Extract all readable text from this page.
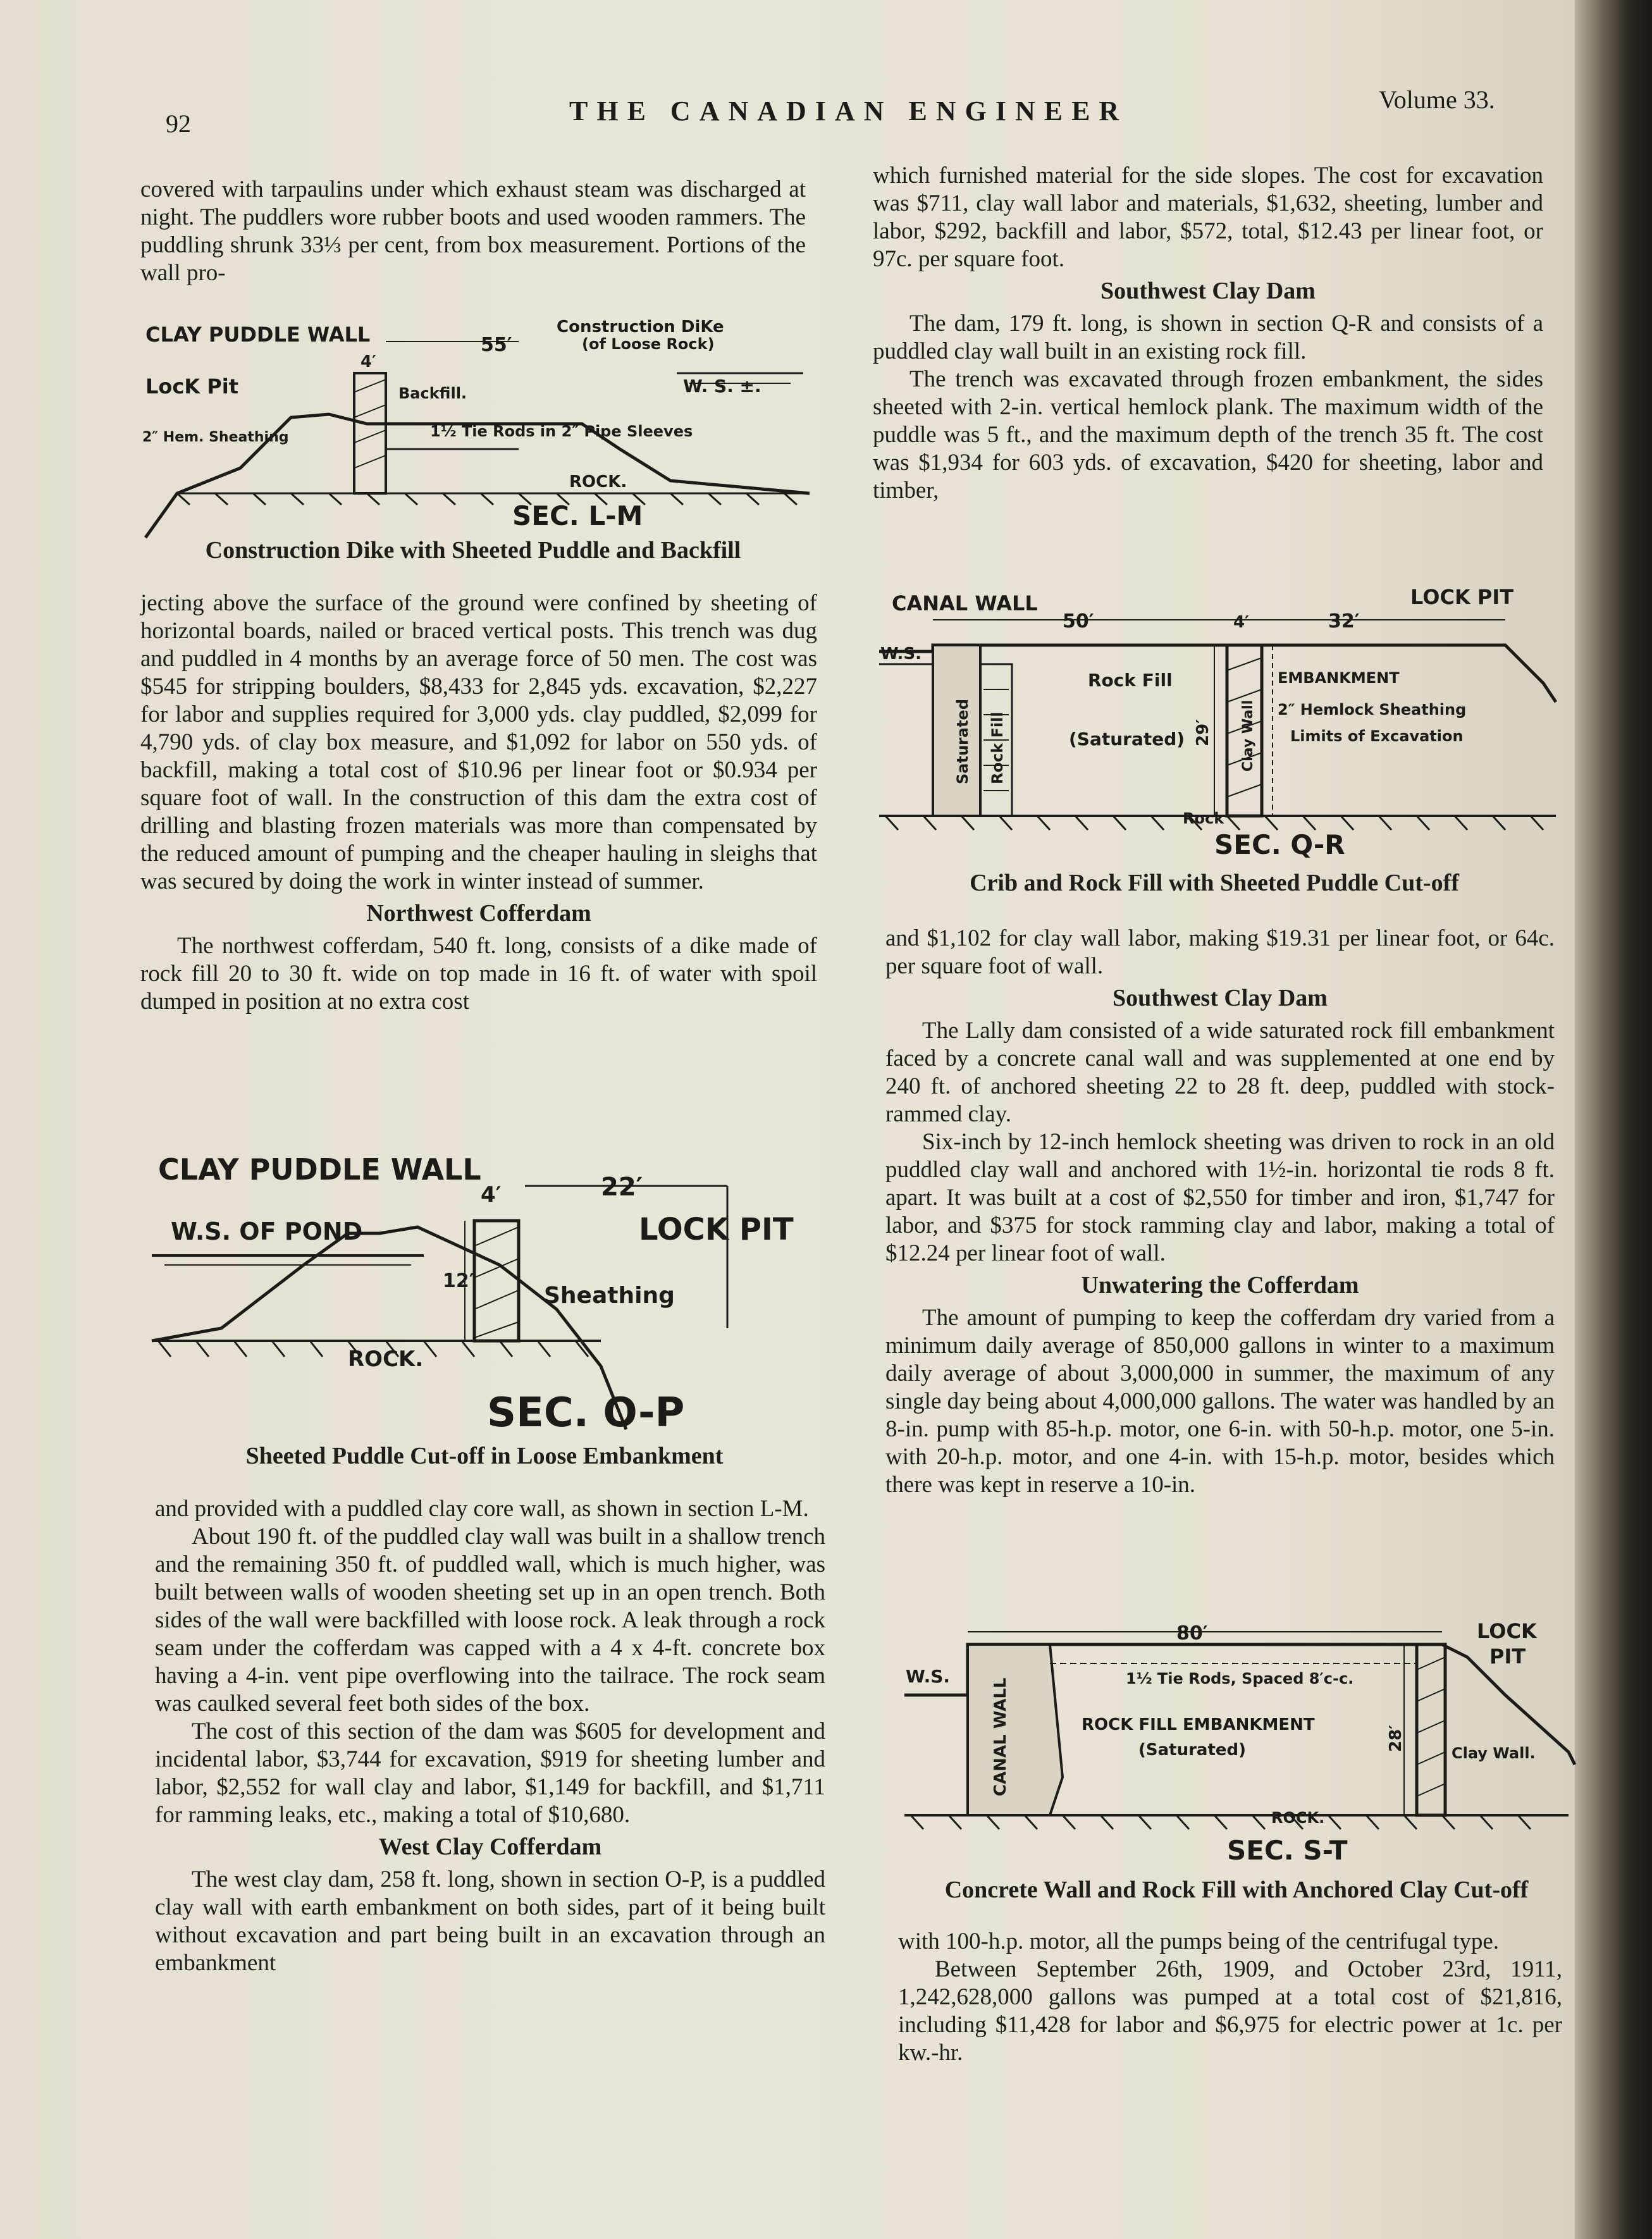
92	THE CANADIAN ENGINEER	Volume 33.

covered with tarpaulins under which exhaust steam was discharged at night. The puddlers wore rubber boots and used wooden rammers. The puddling shrunk 33⅓ per cent, from box measurement. Portions of the wall pro-

CLAY PUDDLE WALL	Construction DiKe
(of Loose Rock)
55′
4′
LocK Pit	W. S. ±.
Backfill.
2″ Hem. Sheathing	1½ Tie Rods in 2″ Pipe Sleeves
ROCK.
SEC. L-M
Construction Dike with Sheeted Puddle and Backfill

jecting above the surface of the ground were confined by sheeting of horizontal boards, nailed or braced vertical posts. This trench was dug and puddled in 4 months by an average force of 50 men. The cost was $545 for stripping boulders, $8,433 for 2,845 yds. excavation, $2,227 for labor and supplies required for 3,000 yds. clay puddled, $2,099 for 4,790 yds. of clay box measure, and $1,092 for labor on 550 yds. of backfill, making a total cost of $10.96 per linear foot or $0.934 per square foot of wall. In the construction of this dam the extra cost of drilling and blasting frozen materials was more than compensated by the reduced amount of pumping and the cheaper hauling in sleighs that was secured by doing the work in winter instead of summer.

Northwest Cofferdam

The northwest cofferdam, 540 ft. long, consists of a dike made of rock fill 20 to 30 ft. wide on top made in 16 ft. of water with spoil dumped in position at no extra cost

CLAY PUDDLE WALL
4′	22′
W.S. OF POND	LOCK PIT
12′
Sheathing
ROCK.
SEC. O-P
Sheeted Puddle Cut-off in Loose Embankment

and provided with a puddled clay core wall, as shown in section L-M.

About 190 ft. of the puddled clay wall was built in a shallow trench and the remaining 350 ft. of puddled wall, which is much higher, was built between walls of wooden sheeting set up in an open trench. Both sides of the wall were backfilled with loose rock. A leak through a rock seam under the cofferdam was capped with a 4 x 4-ft. concrete box having a 4-in. vent pipe overflowing into the tailrace. The rock seam was caulked several feet both sides of the box.

The cost of this section of the dam was $605 for development and incidental labor, $3,744 for excavation, $919 for sheeting lumber and labor, $2,552 for wall clay and labor, $1,149 for backfill, and $1,711 for ramming leaks, etc., making a total of $10,680.

West Clay Cofferdam

The west clay dam, 258 ft. long, shown in section O-P, is a puddled clay wall with earth embankment on both sides, part of it being built without excavation and part being built in an excavation through an embankment

which furnished material for the side slopes. The cost for excavation was $711, clay wall labor and materials, $1,632, sheeting, lumber and labor, $292, backfill and labor, $572, total, $12.43 per linear foot, or 97c. per square foot.

Southwest Clay Dam

The dam, 179 ft. long, is shown in section Q-R and consists of a puddled clay wall built in an existing rock fill.

The trench was excavated through frozen embankment, the sides sheeted with 2-in. vertical hemlock plank. The maximum width of the puddle was 5 ft., and the maximum depth of the trench 35 ft. The cost was $1,934 for 603 yds. of excavation, $420 for sheeting, labor and timber,

CANAL WALL	LOCK PIT
50′	4′	32′
W.S.
Rock Fill
(Saturated)
EMBANKMENT
2″ Hemlock Sheathing
Limits of Excavation
Saturated Rock Fill	29′ Clay Wall
Rock
SEC. Q-R
Crib and Rock Fill with Sheeted Puddle Cut-off

and $1,102 for clay wall labor, making $19.31 per linear foot, or 64c. per square foot of wall.

Southwest Clay Dam

The Lally dam consisted of a wide saturated rock fill embankment faced by a concrete canal wall and was supplemented at one end by 240 ft. of anchored sheeting 22 to 28 ft. deep, puddled with stock-rammed clay.

Six-inch by 12-inch hemlock sheeting was driven to rock in an old puddled clay wall and anchored with 1½-in. horizontal tie rods 8 ft. apart. It was built at a cost of $2,550 for timber and iron, $1,747 for labor, and $375 for stock ramming clay and labor, making a total of $12.24 per linear foot of wall.

Unwatering the Cofferdam

The amount of pumping to keep the cofferdam dry varied from a minimum daily average of 850,000 gallons in winter to a maximum daily average of about 3,000,000 in summer, the maximum of any single day being about 4,000,000 gallons. The water was handled by an 8-in. pump with 85-h.p. motor, one 6-in. with 50-h.p. motor, one 5-in. with 20-h.p. motor, and one 4-in. with 15-h.p. motor, besides which there was kept in reserve a 10-in.

80′	LOCK
PIT
W.S.	1½ Tie Rods, Spaced 8′c-c.
ROCK FILL EMBANKMENT
(Saturated)
CANAL WALL	28′
Clay Wall.
ROCK.
SEC. S-T
Concrete Wall and Rock Fill with Anchored Clay Cut-off

with 100-h.p. motor, all the pumps being of the centrifugal type.

Between September 26th, 1909, and October 23rd, 1911, 1,242,628,000 gallons was pumped at a total cost of $21,816, including $11,428 for labor and $6,975 for electric power at 1c. per kw.-hr.
